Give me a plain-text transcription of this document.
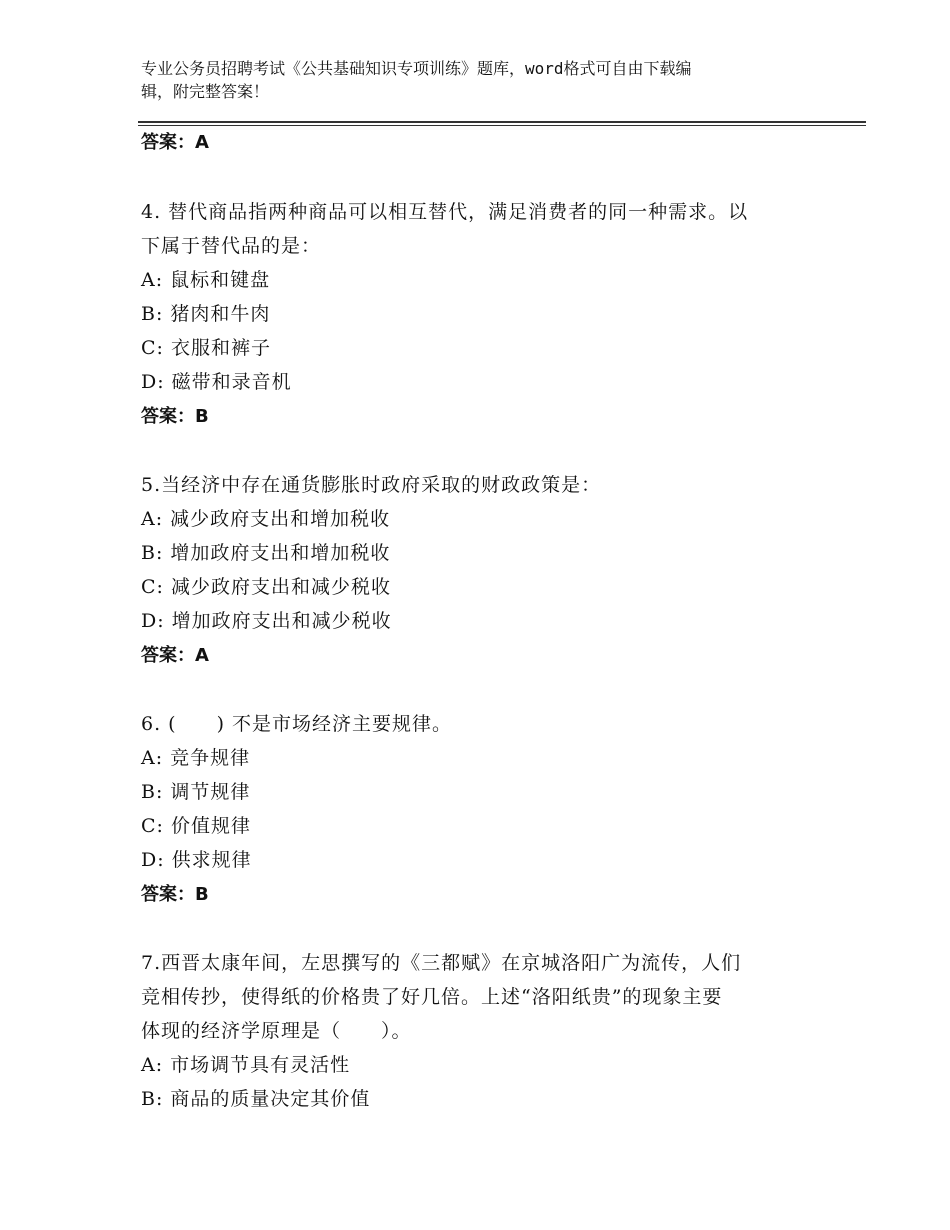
专业公务员招聘考试《公共基础知识专项训练》题库，word格式可自由下载编
辑，附完整答案！
答案：A
4. 替代商品指两种商品可以相互替代，满足消费者的同一种需求。以
下属于替代品的是：
A: 鼠标和键盘
B: 猪肉和牛肉
C: 衣服和裤子
D: 磁带和录音机
答案：B
5.当经济中存在通货膨胀时政府采取的财政政策是：
A: 减少政府支出和增加税收
B: 增加政府支出和增加税收
C: 减少政府支出和减少税收
D: 增加政府支出和减少税收
答案：A
6. (　　) 不是市场经济主要规律。
A: 竞争规律
B: 调节规律
C: 价值规律
D: 供求规律
答案：B
7.西晋太康年间，左思撰写的《三都赋》在京城洛阳广为流传，人们
竞相传抄，使得纸的价格贵了好几倍。上述“洛阳纸贵”的现象主要
体现的经济学原理是（　　）。
A: 市场调节具有灵活性
B: 商品的质量决定其价值
